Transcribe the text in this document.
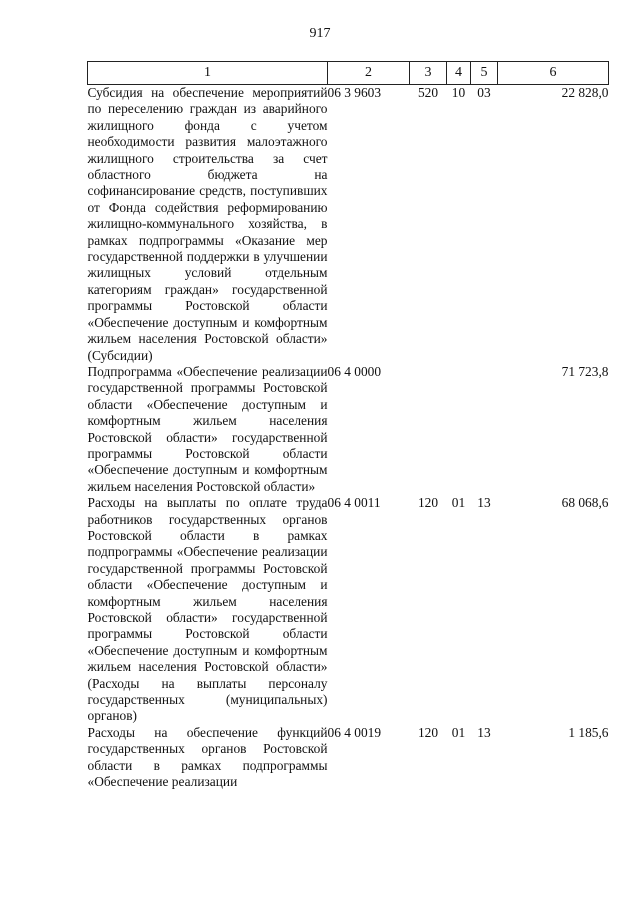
917
1	2	3	4	5	6
Субсидия на обеспечение мероприятий по переселению граждан из аварийного жилищного фонда с учетом необходимости развития малоэтажного жилищного строительства за счет областного бюджета на софинансирование средств, поступивших от Фонда содействия реформированию жилищно-коммунального хозяйства, в рамках подпрограммы «Оказание мер государственной поддержки в улучшении жилищных условий отдельным категориям граждан» государственной программы Ростовской области «Обеспечение доступным и комфортным жильем населения Ростовской области» (Субсидии)	06 3 9603	520	10	03	22 828,0
Подпрограмма «Обеспечение реализации государственной программы Ростовской области «Обеспечение доступным и комфортным жильем населения Ростовской области» государственной программы Ростовской области «Обеспечение доступным и комфортным жильем населения Ростовской области»	06 4 0000				71 723,8
Расходы на выплаты по оплате труда работников государственных органов Ростовской области в рамках подпрограммы «Обеспечение реализации государственной программы Ростовской области «Обеспечение доступным и комфортным жильем населения Ростовской области» государственной программы Ростовской области «Обеспечение доступным и комфортным жильем населения Ростовской области» (Расходы на выплаты персоналу государственных (муниципальных) органов)	06 4 0011	120	01	13	68 068,6
Расходы на обеспечение функций государственных органов Ростовской области в рамках подпрограммы «Обеспечение реализации	06 4 0019	120	01	13	1 185,6
